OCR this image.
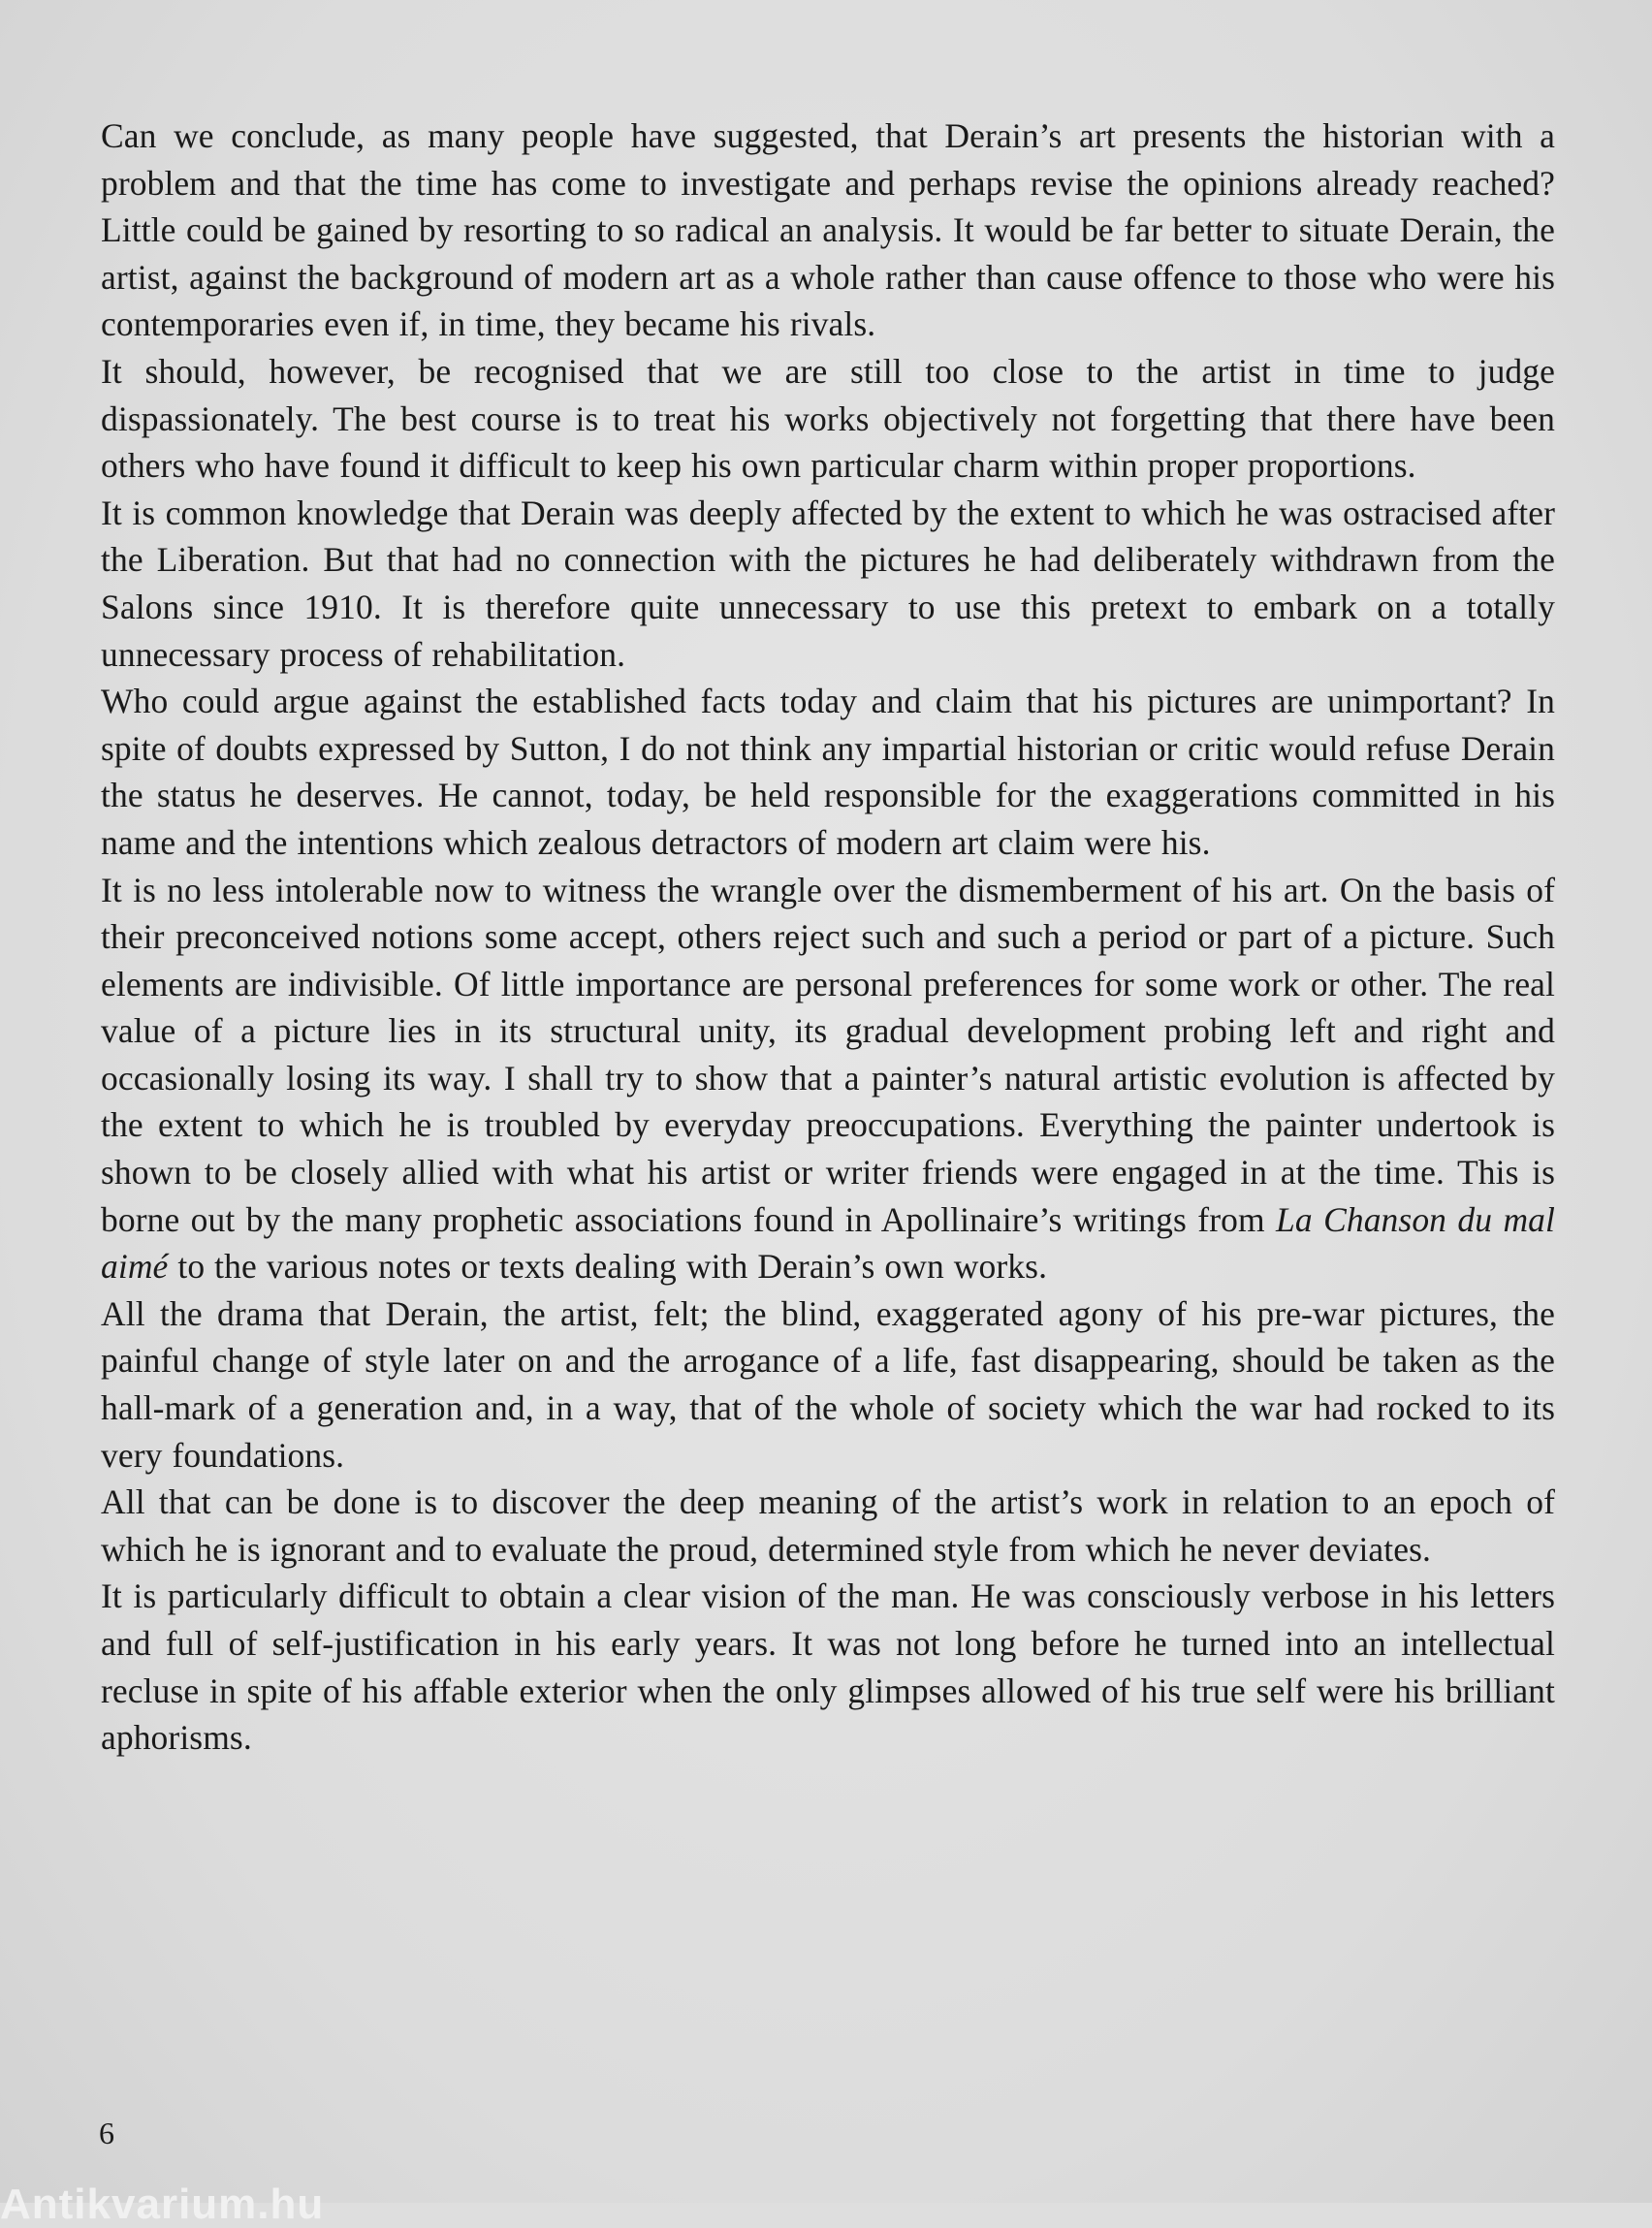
Can we conclude, as many people have suggested, that Derain’s art presents the historian with a problem and that the time has come to investigate and perhaps revise the opinions already reached? Little could be gained by resorting to so radical an analysis. It would be far better to situate Derain, the artist, against the background of modern art as a whole rather than cause offence to those who were his contemporaries even if, in time, they became his rivals.

It should, however, be recognised that we are still too close to the artist in time to judge dispassionately. The best course is to treat his works objectively not forgetting that there have been others who have found it difficult to keep his own particular charm within proper proportions.

It is common knowledge that Derain was deeply affected by the extent to which he was ostracised after the Liberation. But that had no connection with the pictures he had deliberately withdrawn from the Salons since 1910. It is therefore quite unnecessary to use this pretext to embark on a totally unnecessary process of rehabilitation.

Who could argue against the established facts today and claim that his pictures are unimportant? In spite of doubts expressed by Sutton, I do not think any impartial historian or critic would refuse Derain the status he deserves. He cannot, today, be held responsible for the exaggerations committed in his name and the intentions which zealous detractors of modern art claim were his.

It is no less intolerable now to witness the wrangle over the dismemberment of his art. On the basis of their preconceived notions some accept, others reject such and such a period or part of a picture. Such elements are indivisible. Of little importance are personal preferences for some work or other. The real value of a picture lies in its structural unity, its gradual development probing left and right and occasionally losing its way. I shall try to show that a painter’s natural artistic evolution is affected by the extent to which he is troubled by everyday preoccupations. Everything the painter undertook is shown to be closely allied with what his artist or writer friends were engaged in at the time. This is borne out by the many prophetic associations found in Apollinaire’s writings from La Chanson du mal aimé to the various notes or texts dealing with Derain’s own works.

All the drama that Derain, the artist, felt; the blind, exaggerated agony of his pre-war pictures, the painful change of style later on and the arrogance of a life, fast disappearing, should be taken as the hall-mark of a generation and, in a way, that of the whole of society which the war had rocked to its very foundations.

All that can be done is to discover the deep meaning of the artist’s work in relation to an epoch of which he is ignorant and to evaluate the proud, determined style from which he never deviates.

It is particularly difficult to obtain a clear vision of the man. He was consciously verbose in his letters and full of self-justification in his early years. It was not long before he turned into an intellectual recluse in spite of his affable exterior when the only glimpses allowed of his true self were his brilliant aphorisms.

6
Antikvarium.hu
